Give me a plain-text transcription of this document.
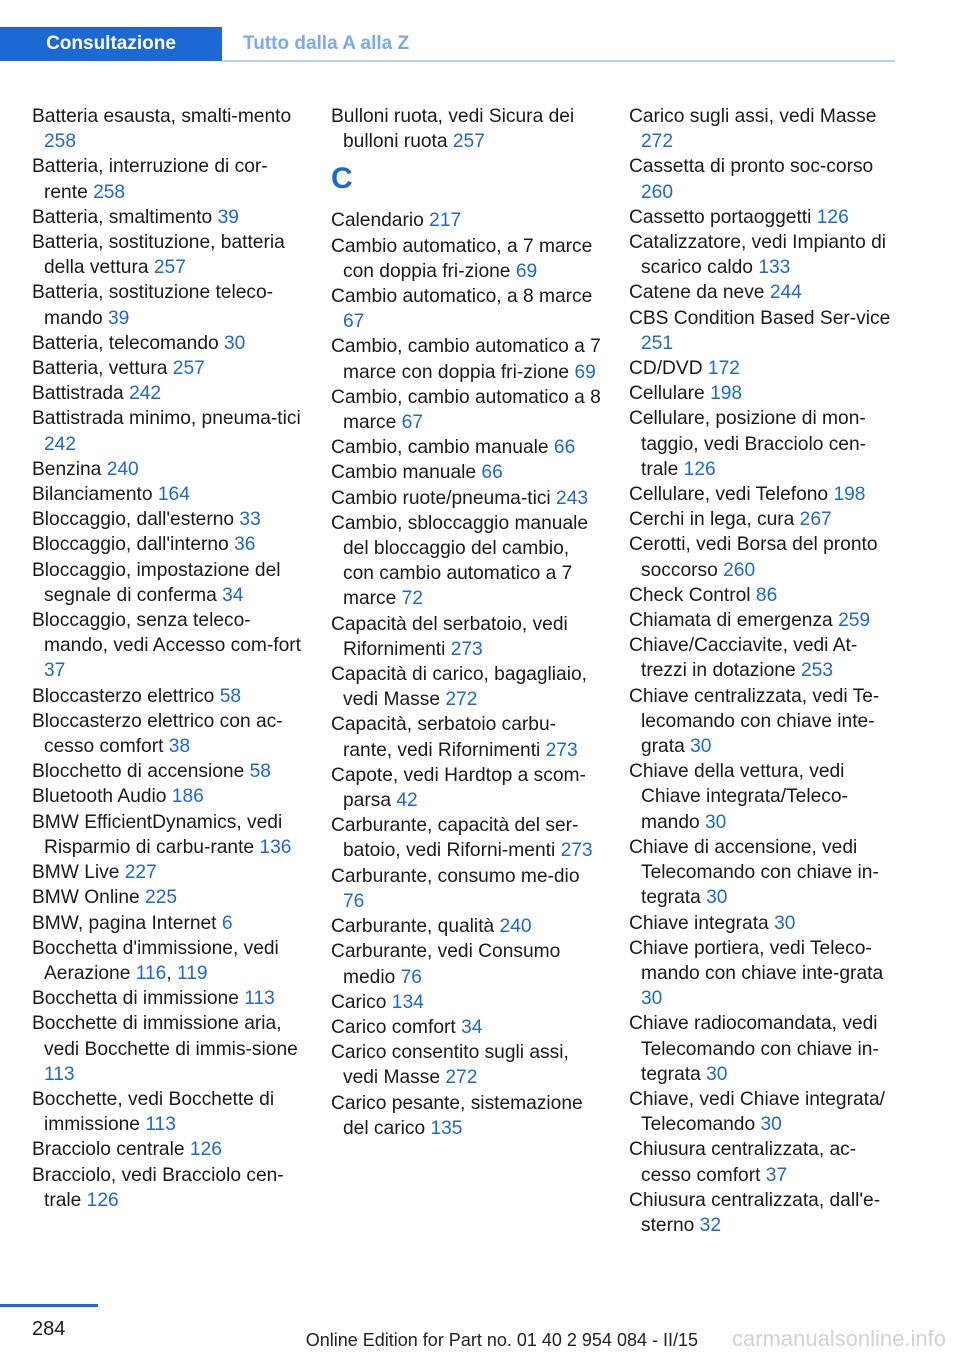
Consultazione	Tutto dalla A alla Z
Batteria esausta, smalti-mento 258
Batteria, interruzione di cor-rente 258
Batteria, smaltimento 39
Batteria, sostituzione, batteria della vettura 257
Batteria, sostituzione teleco-mando 39
Batteria, telecomando 30
Batteria, vettura 257
Battistrada 242
Battistrada minimo, pneuma-tici 242
Benzina 240
Bilanciamento 164
Bloccaggio, dall'esterno 33
Bloccaggio, dall'interno 36
Bloccaggio, impostazione del segnale di conferma 34
Bloccaggio, senza teleco-mando, vedi Accesso com-fort 37
Bloccasterzo elettrico 58
Bloccasterzo elettrico con ac-cesso comfort 38
Blocchetto di accensione 58
Bluetooth Audio 186
BMW EfficientDynamics, vedi Risparmio di carbu-rante 136
BMW Live 227
BMW Online 225
BMW, pagina Internet 6
Bocchetta d'immissione, vedi Aerazione 116, 119
Bocchetta di immissione 113
Bocchette di immissione aria, vedi Bocchette di immis-sione 113
Bocchette, vedi Bocchette di immissione 113
Bracciolo centrale 126
Bracciolo, vedi Bracciolo cen-trale 126
Bulloni ruota, vedi Sicura dei bulloni ruota 257
C
Calendario 217
Cambio automatico, a 7 marce con doppia fri-zione 69
Cambio automatico, a 8 marce 67
Cambio, cambio automatico a 7 marce con doppia fri-zione 69
Cambio, cambio automatico a 8 marce 67
Cambio, cambio manuale 66
Cambio manuale 66
Cambio ruote/pneuma-tici 243
Cambio, sbloccaggio manuale del bloccaggio del cambio, con cambio automatico a 7 marce 72
Capacità del serbatoio, vedi Rifornimenti 273
Capacità di carico, bagagliaio, vedi Masse 272
Capacità, serbatoio carbu-rante, vedi Rifornimenti 273
Capote, vedi Hardtop a scom-parsa 42
Carburante, capacità del ser-batoio, vedi Riforni-menti 273
Carburante, consumo me-dio 76
Carburante, qualità 240
Carburante, vedi Consumo medio 76
Carico 134
Carico comfort 34
Carico consentito sugli assi, vedi Masse 272
Carico pesante, sistemazione del carico 135
Carico sugli assi, vedi Masse 272
Cassetta di pronto soc-corso 260
Cassetto portaoggetti 126
Catalizzatore, vedi Impianto di scarico caldo 133
Catene da neve 244
CBS Condition Based Ser-vice 251
CD/DVD 172
Cellulare 198
Cellulare, posizione di mon-taggio, vedi Bracciolo cen-trale 126
Cellulare, vedi Telefono 198
Cerchi in lega, cura 267
Cerotti, vedi Borsa del pronto soccorso 260
Check Control 86
Chiamata di emergenza 259
Chiave/Cacciavite, vedi At-trezzi in dotazione 253
Chiave centralizzata, vedi Te-lecomando con chiave inte-grata 30
Chiave della vettura, vedi Chiave integrata/Teleco-mando 30
Chiave di accensione, vedi Telecomando con chiave in-tegrata 30
Chiave integrata 30
Chiave portiera, vedi Teleco-mando con chiave inte-grata 30
Chiave radiocomandata, vedi Telecomando con chiave in-tegrata 30
Chiave, vedi Chiave integrata/ Telecomando 30
Chiusura centralizzata, ac-cesso comfort 37
Chiusura centralizzata, dall'e-sterno 32
284	Online Edition for Part no. 01 40 2 954 084 - II/15 carmanualsonline.info
